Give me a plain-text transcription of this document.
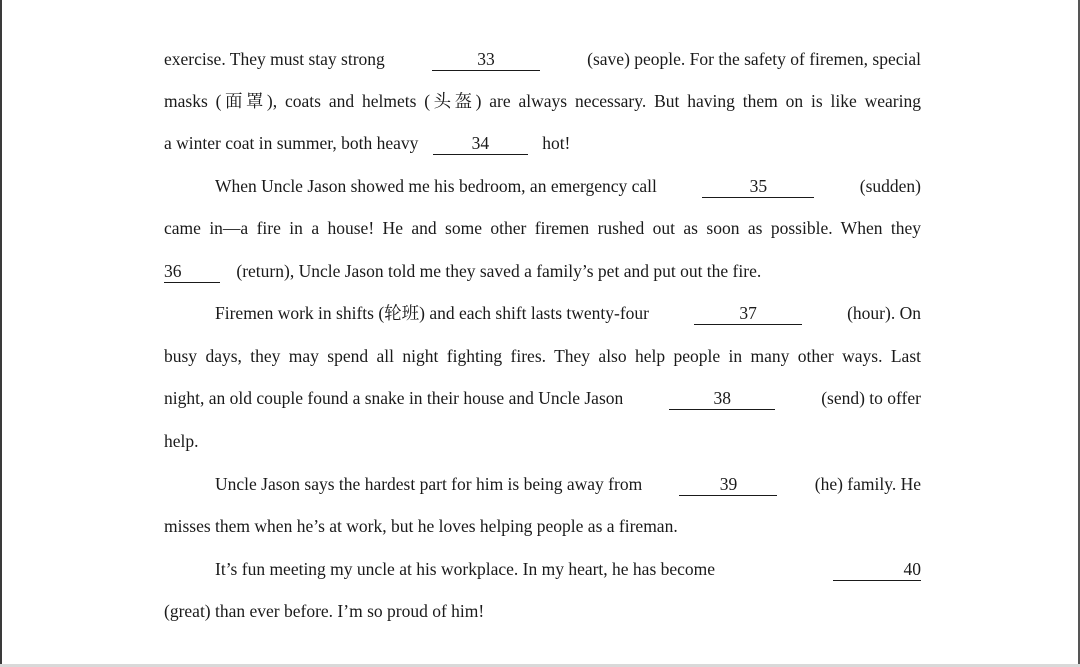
exercise. They must stay strong	33	(save) people. For the safety of firemen, special
masks (面罩), coats and helmets (头盔) are always necessary. But having them on is like wearing
a winter coat in summer, both heavy	34	hot!
When Uncle Jason showed me his bedroom, an emergency call	35	(sudden)
came in—a fire in a house! He and some other firemen rushed out as soon as possible. When they
36	(return), Uncle Jason told me they saved a family’s pet and put out the fire.
Firemen work in shifts (轮班) and each shift lasts twenty-four	37	(hour). On
busy days, they may spend all night fighting fires. They also help people in many other ways. Last
night, an old couple found a snake in their house and Uncle Jason	38	(send) to offer
help.
Uncle Jason says the hardest part for him is being away from	39	(he) family. He
misses them when he’s at work, but he loves helping people as a fireman.
It’s fun meeting my uncle at his workplace. In my heart, he has become	40
(great) than ever before. I’m so proud of him!
